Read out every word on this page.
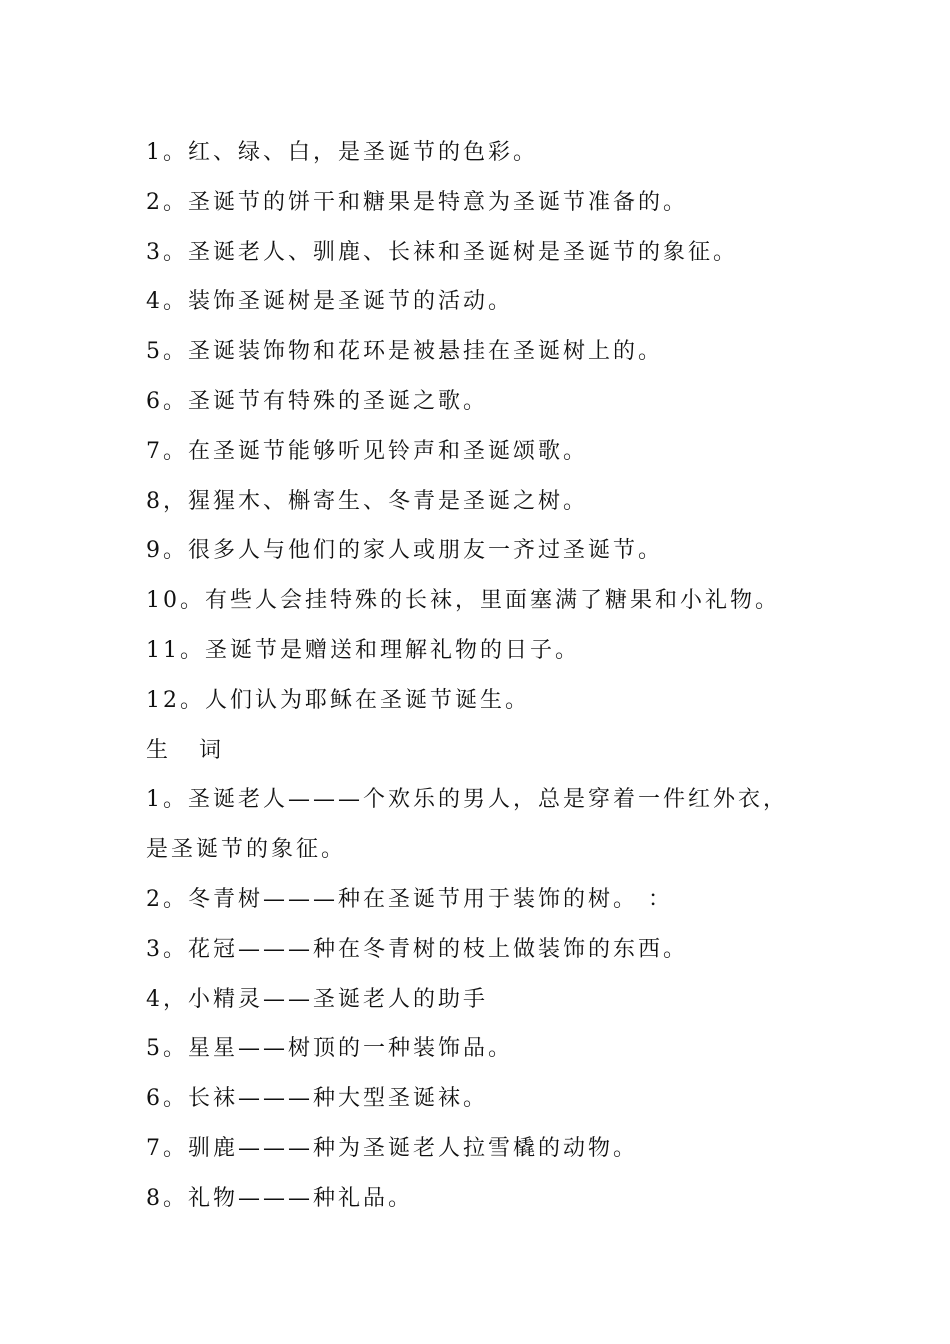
1。红、绿、白，是圣诞节的色彩。
2。圣诞节的饼干和糖果是特意为圣诞节准备的。
3。圣诞老人、驯鹿、长袜和圣诞树是圣诞节的象征。
4。装饰圣诞树是圣诞节的活动。
5。圣诞装饰物和花环是被悬挂在圣诞树上的。
6。圣诞节有特殊的圣诞之歌。
7。在圣诞节能够听见铃声和圣诞颂歌。
8，猩猩木、槲寄生、冬青是圣诞之树。
9。很多人与他们的家人或朋友一齐过圣诞节。
10。有些人会挂特殊的长袜，里面塞满了糖果和小礼物。
11。圣诞节是赠送和理解礼物的日子。
12。人们认为耶稣在圣诞节诞生。
生 词
1。圣诞老人———个欢乐的男人，总是穿着一件红外衣，
是圣诞节的象征。
2。冬青树———种在圣诞节用于装饰的树。 ：
3。花冠———种在冬青树的枝上做装饰的东西。
4，小精灵——圣诞老人的助手
5。星星——树顶的一种装饰品。
6。长袜———种大型圣诞袜。
7。驯鹿———种为圣诞老人拉雪橇的动物。
8。礼物———种礼品。
